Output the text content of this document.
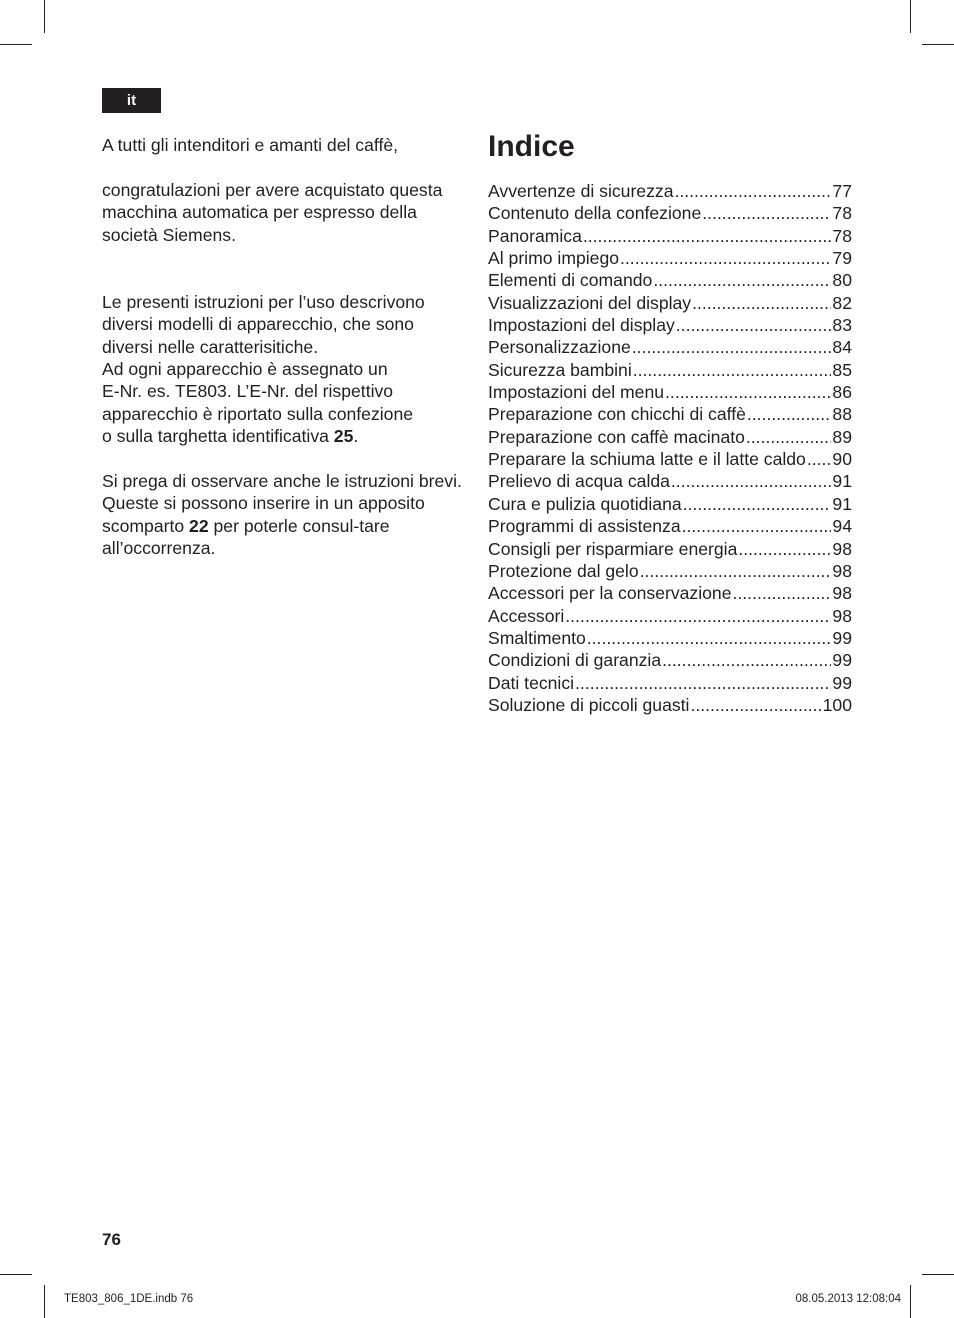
it

A tutti gli intenditori e amanti del caffè,

congratulazioni per avere acquistato questa macchina automatica per espresso della società Siemens.

Le presenti istruzioni per l’uso descrivono
diversi modelli di apparecchio, che sono
diversi nelle caratterisitiche.
Ad ogni apparecchio è assegnato un
E-Nr. es. TE803. L’E-Nr. del rispettivo
apparecchio è riportato sulla confezione
o sulla targhetta identificativa 25.

Si prega di osservare anche le istruzioni brevi. Queste si possono inserire in un apposito scomparto 22 per poterle consul-tare all’occorrenza.

Indice
Avvertenze di sicurezza .....	77
Contenuto della confezione .....	78
Panoramica .....	78
Al primo impiego .....	79
Elementi di comando .....	80
Visualizzazioni del display .....	82
Impostazioni del display .....	83
Personalizzazione .....	84
Sicurezza bambini .....	85
Impostazioni del menu .....	86
Preparazione con chicchi di caffè .....	88
Preparazione con caffè macinato .....	89
Preparare la schiuma latte e il latte caldo ..... 90
Prelievo di acqua calda .....	91
Cura e pulizia quotidiana .....	91
Programmi di assistenza .....	94
Consigli per risparmiare energia .....	98
Protezione dal gelo .....	98
Accessori per la conservazione .....	98
Accessori .....	98
Smaltimento .....	99
Condizioni di garanzia .....	99
Dati tecnici .....	99
Soluzione di piccoli guasti .....	100
76
TE803_806_1DE.indb 76	08.05.2013 12:08:04
